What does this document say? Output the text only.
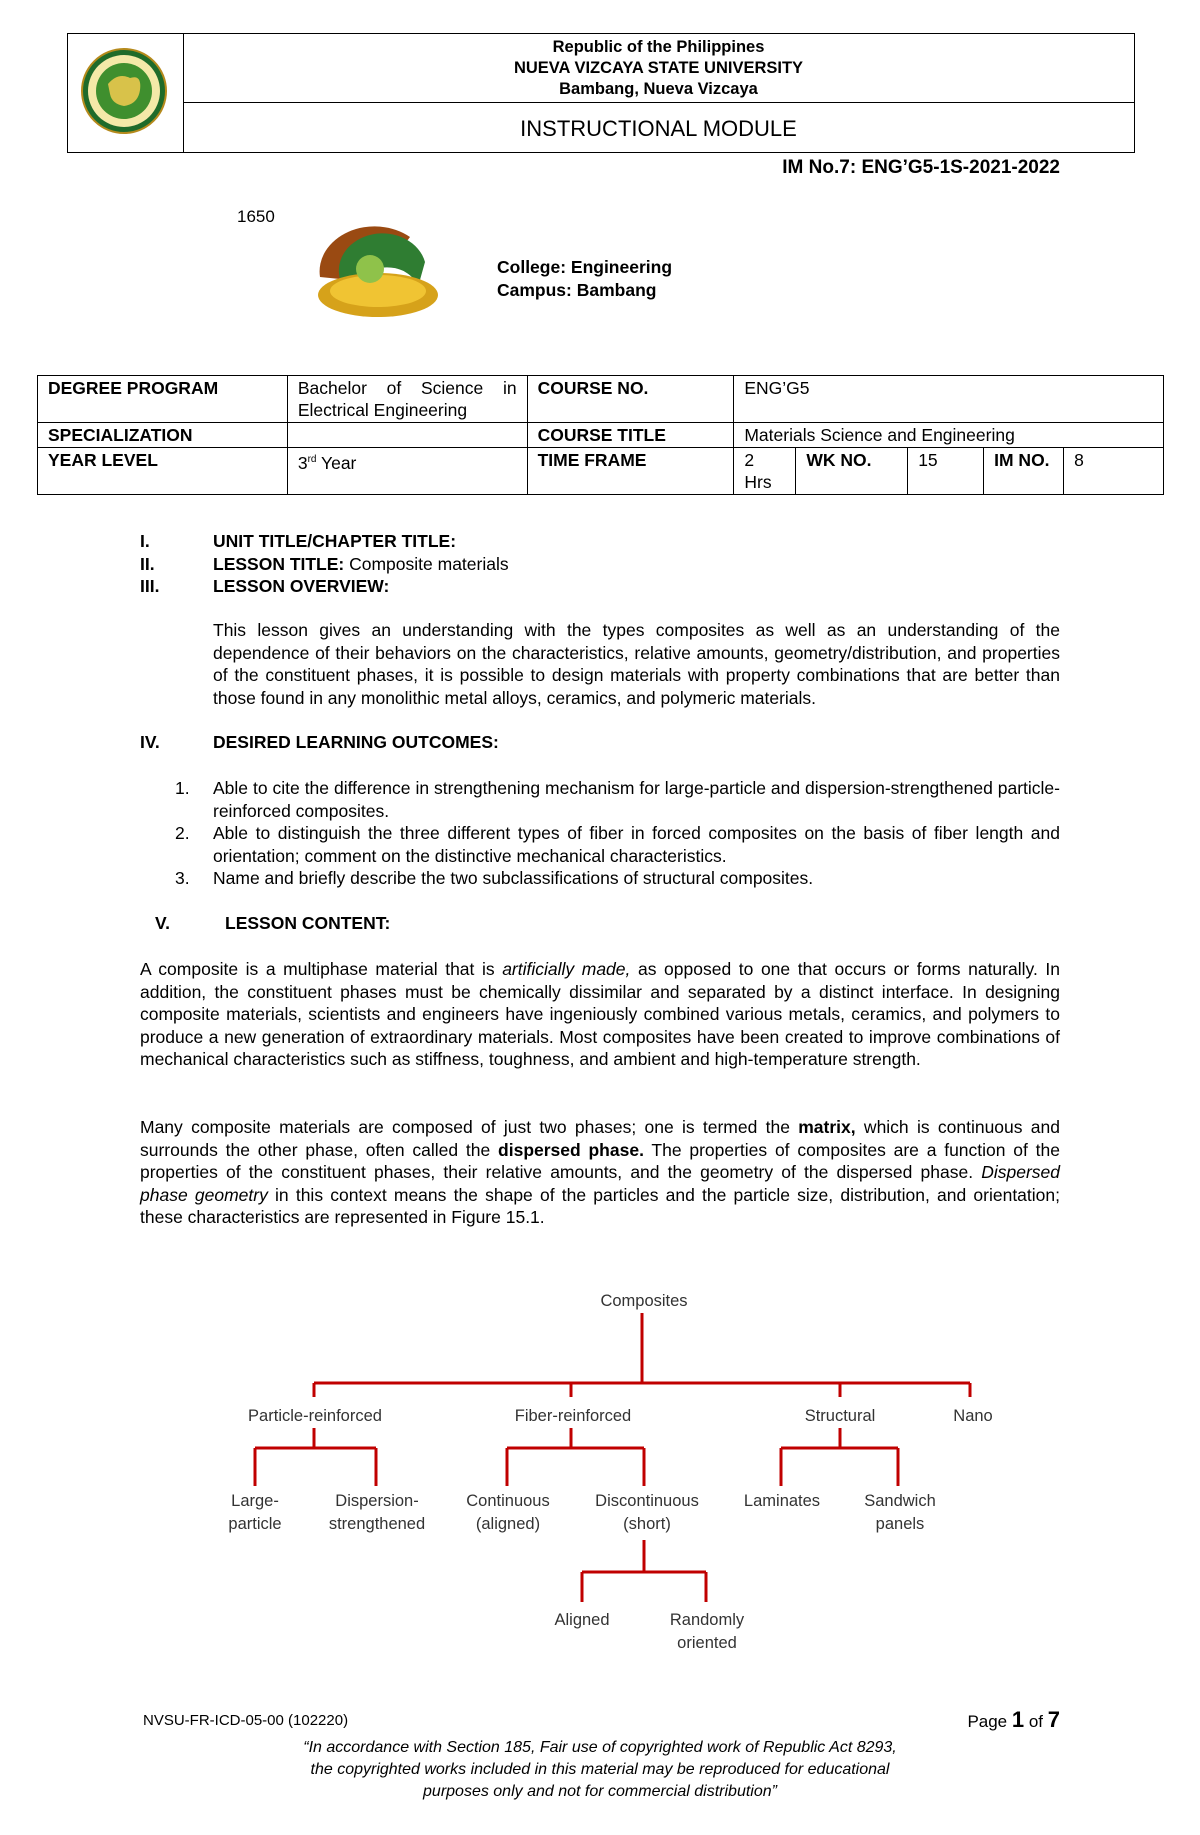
Republic of the Philippines
NUEVA VIZCAYA STATE UNIVERSITY
Bambang, Nueva Vizcaya
INSTRUCTIONAL MODULE
IM No.7: ENG’G5-1S-2021-2022
1650
College: Engineering
Campus: Bambang
DEGREE PROGRAM	Bachelor of Science in Electrical Engineering	COURSE NO.	ENG’G5				
SPECIALIZATION		COURSE TITLE	Materials Science and Engineering				
YEAR LEVEL	3rd Year	TIME FRAME	2 Hrs	WK NO.	15	IM NO.	8
I.	UNIT TITLE/CHAPTER TITLE:
II.	LESSON TITLE: Composite materials
III.	LESSON OVERVIEW:
This lesson gives an understanding with the types composites as well as an understanding of the dependence of their behaviors on the characteristics, relative amounts, geometry/distribution, and properties of the constituent phases, it is possible to design materials with property combinations that are better than those found in any monolithic metal alloys, ceramics, and polymeric materials.
IV.	DESIRED LEARNING OUTCOMES:
1. Able to cite the difference in strengthening mechanism for large-particle and dispersion-strengthened particle-reinforced composites.
2. Able to distinguish the three different types of fiber in forced composites on the basis of fiber length and orientation; comment on the distinctive mechanical characteristics.
3. Name and briefly describe the two subclassifications of structural composites.
V.	LESSON CONTENT:
A composite is a multiphase material that is artificially made, as opposed to one that occurs or forms naturally. In addition, the constituent phases must be chemically dissimilar and separated by a distinct interface. In designing composite materials, scientists and engineers have ingeniously combined various metals, ceramics, and polymers to produce a new generation of extraordinary materials. Most composites have been created to improve combinations of mechanical characteristics such as stiffness, toughness, and ambient and high-temperature strength.
Many composite materials are composed of just two phases; one is termed the matrix, which is continuous and surrounds the other phase, often called the dispersed phase. The properties of composites are a function of the properties of the constituent phases, their relative amounts, and the geometry of the dispersed phase. Dispersed phase geometry in this context means the shape of the particles and the particle size, distribution, and orientation; these characteristics are represented in Figure 15.1.
Composites
Particle-reinforced	Fiber-reinforced	Structural	Nano
Large-
particle
Dispersion-
strengthened
Continuous
(aligned)
Discontinuous
(short)
Laminates	Sandwich
panels
Aligned	Randomly
oriented
NVSU-FR-ICD-05-00 (102220)	Page 1 of 7
“In accordance with Section 185, Fair use of copyrighted work of Republic Act 8293, the copyrighted works included in this material may be reproduced for educational purposes only and not for commercial distribution”
